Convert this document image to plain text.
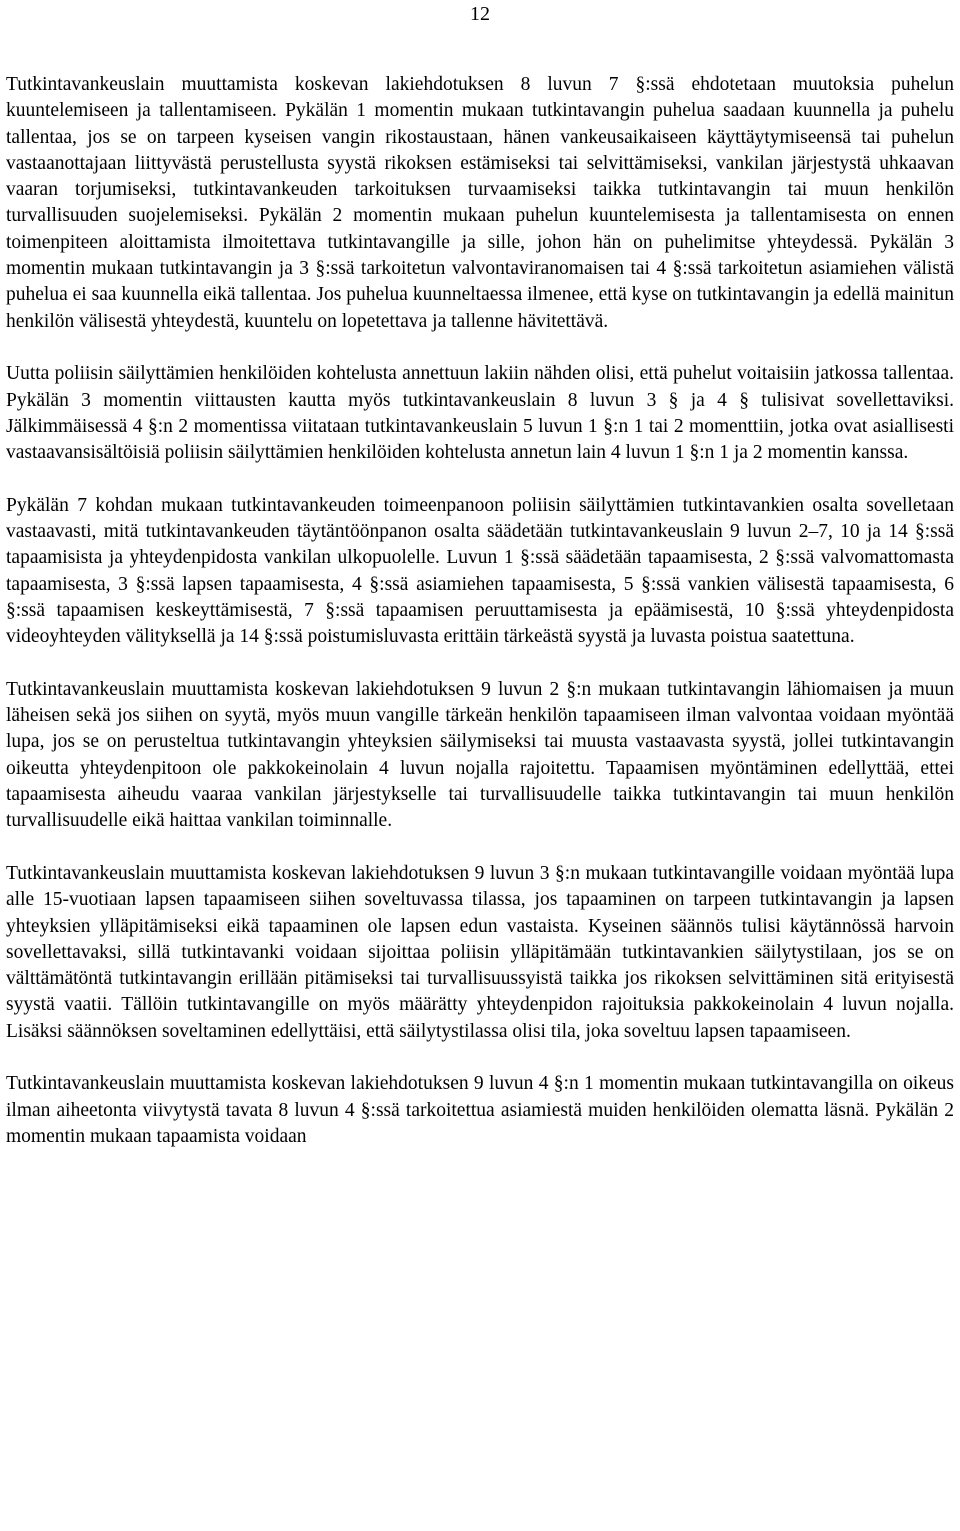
12

Tutkintavankeuslain muuttamista koskevan lakiehdotuksen 8 luvun 7 §:ssä ehdotetaan muutoksia puhelun kuuntelemiseen ja tallentamiseen. Pykälän 1 momentin mukaan tutkintavangin puhelua saadaan kuunnella ja puhelu tallentaa, jos se on tarpeen kyseisen vangin rikostaustaan, hänen vankeusaikaiseen käyttäytymiseensä tai puhelun vastaanottajaan liittyvästä perustellusta syystä rikoksen estämiseksi tai selvittämiseksi, vankilan järjestystä uhkaavan vaaran torjumiseksi, tutkintavankeuden tarkoituksen turvaamiseksi taikka tutkintavangin tai muun henkilön turvallisuuden suojelemiseksi. Pykälän 2 momentin mukaan puhelun kuuntelemisesta ja tallentamisesta on ennen toimenpiteen aloittamista ilmoitettava tutkintavangille ja sille, johon hän on puhelimitse yhteydessä. Pykälän 3 momentin mukaan tutkintavangin ja 3 §:ssä tarkoitetun valvontaviranomaisen tai 4 §:ssä tarkoitetun asiamiehen välistä puhelua ei saa kuunnella eikä tallentaa. Jos puhelua kuunneltaessa ilmenee, että kyse on tutkintavangin ja edellä mainitun henkilön välisestä yhteydestä, kuuntelu on lopetettava ja tallenne hävitettävä.

Uutta poliisin säilyttämien henkilöiden kohtelusta annettuun lakiin nähden olisi, että puhelut voitaisiin jatkossa tallentaa. Pykälän 3 momentin viittausten kautta myös tutkintavankeuslain 8 luvun 3 § ja 4 § tulisivat sovellettaviksi. Jälkimmäisessä 4 §:n 2 momentissa viitataan tutkintavankeuslain 5 luvun 1 §:n 1 tai 2 momenttiin, jotka ovat asiallisesti vastaavansisältöisiä poliisin säilyttämien henkilöiden kohtelusta annetun lain 4 luvun 1 §:n 1 ja 2 momentin kanssa.

Pykälän 7 kohdan mukaan tutkintavankeuden toimeenpanoon poliisin säilyttämien tutkintavankien osalta sovelletaan vastaavasti, mitä tutkintavankeuden täytäntöönpanon osalta säädetään tutkintavankeuslain 9 luvun 2–7, 10 ja 14 §:ssä tapaamisista ja yhteydenpidosta vankilan ulkopuolelle. Luvun 1 §:ssä säädetään tapaamisesta, 2 §:ssä valvomattomasta tapaamisesta, 3 §:ssä lapsen tapaamisesta, 4 §:ssä asiamiehen tapaamisesta, 5 §:ssä vankien välisestä tapaamisesta, 6 §:ssä tapaamisen keskeyttämisestä, 7 §:ssä tapaamisen peruuttamisesta ja epäämisestä, 10 §:ssä yhteydenpidosta videoyhteyden välityksellä ja 14 §:ssä poistumisluvasta erittäin tärkeästä syystä ja luvasta poistua saatettuna.

Tutkintavankeuslain muuttamista koskevan lakiehdotuksen 9 luvun 2 §:n mukaan tutkintavangin lähiomaisen ja muun läheisen sekä jos siihen on syytä, myös muun vangille tärkeän henkilön tapaamiseen ilman valvontaa voidaan myöntää lupa, jos se on perusteltua tutkintavangin yhteyksien säilymiseksi tai muusta vastaavasta syystä, jollei tutkintavangin oikeutta yhteydenpitoon ole pakkokeinolain 4 luvun nojalla rajoitettu. Tapaamisen myöntäminen edellyttää, ettei tapaamisesta aiheudu vaaraa vankilan järjestykselle tai turvallisuudelle taikka tutkintavangin tai muun henkilön turvallisuudelle eikä haittaa vankilan toiminnalle.

Tutkintavankeuslain muuttamista koskevan lakiehdotuksen 9 luvun 3 §:n mukaan tutkintavangille voidaan myöntää lupa alle 15-vuotiaan lapsen tapaamiseen siihen soveltuvassa tilassa, jos tapaaminen on tarpeen tutkintavangin ja lapsen yhteyksien ylläpitämiseksi eikä tapaaminen ole lapsen edun vastaista. Kyseinen säännös tulisi käytännössä harvoin sovellettavaksi, sillä tutkintavanki voidaan sijoittaa poliisin ylläpitämään tutkintavankien säilytystilaan, jos se on välttämätöntä tutkintavangin erillään pitämiseksi tai turvallisuussyistä taikka jos rikoksen selvittäminen sitä erityisestä syystä vaatii. Tällöin tutkintavangille on myös määrätty yhteydenpidon rajoituksia pakkokeinolain 4 luvun nojalla. Lisäksi säännöksen soveltaminen edellyttäisi, että säilytystilassa olisi tila, joka soveltuu lapsen tapaamiseen.

Tutkintavankeuslain muuttamista koskevan lakiehdotuksen 9 luvun 4 §:n 1 momentin mukaan tutkintavangilla on oikeus ilman aiheetonta viivytystä tavata 8 luvun 4 §:ssä tarkoitettua asiamiestä muiden henkilöiden olematta läsnä. Pykälän 2 momentin mukaan tapaamista voidaan
